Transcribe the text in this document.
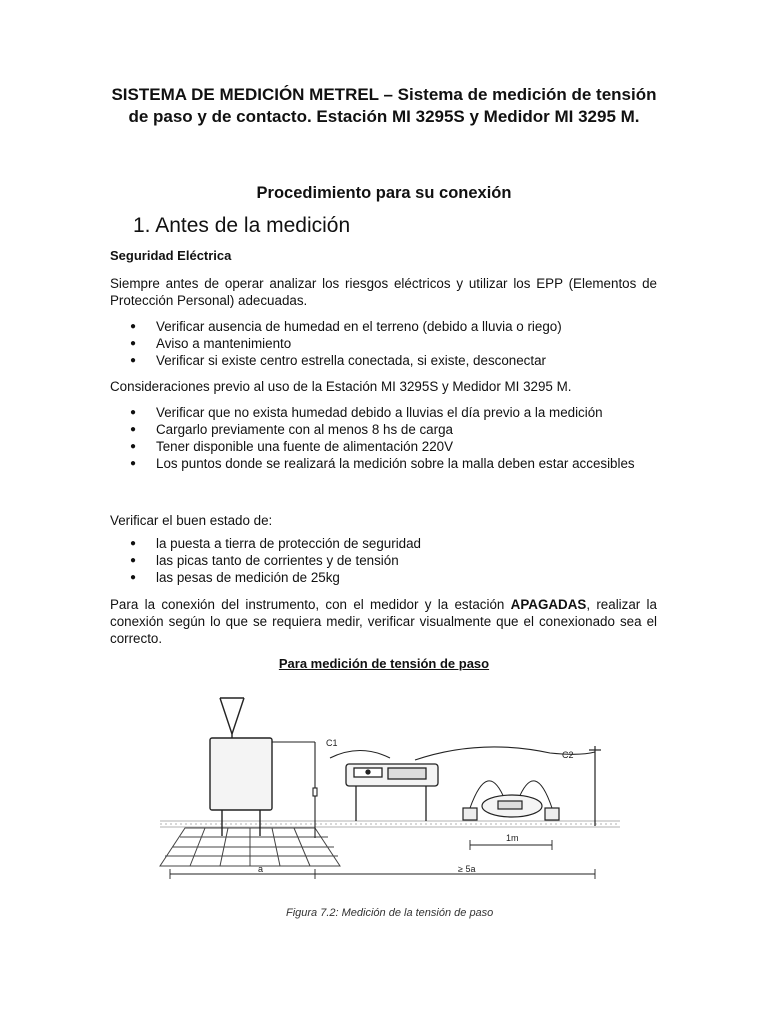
SISTEMA DE MEDICIÓN METREL – Sistema de medición de tensión de paso y de contacto. Estación MI 3295S y Medidor MI 3295 M.
Procedimiento para su conexión
1. Antes de la medición
Seguridad Eléctrica
Siempre antes de operar analizar los riesgos eléctricos y utilizar los EPP (Elementos de Protección Personal) adecuadas.
● Verificar ausencia de humedad en el terreno (debido a lluvia o riego)
● Aviso a mantenimiento
● Verificar si existe centro estrella conectada, si existe, desconectar
Consideraciones previo al uso de la Estación MI 3295S y Medidor MI 3295 M.
● Verificar que no exista humedad debido a lluvias el día previo a la medición
● Cargarlo previamente con al menos 8 hs de carga
● Tener disponible una fuente de alimentación 220V
● Los puntos donde se realizará la medición sobre la malla deben estar accesibles
Verificar el buen estado de:
● la puesta a tierra de protección de seguridad
● las picas tanto de corrientes y de tensión
● las pesas de medición de 25kg
Para la conexión del instrumento, con el medidor y la estación APAGADAS, realizar la conexión según lo que se requiera medir, verificar visualmente que el conexionado sea el correcto.
Para medición de tensión de paso
C1
C2
1m
a	≥ 5a
Figura 7.2: Medición de la tensión de paso
